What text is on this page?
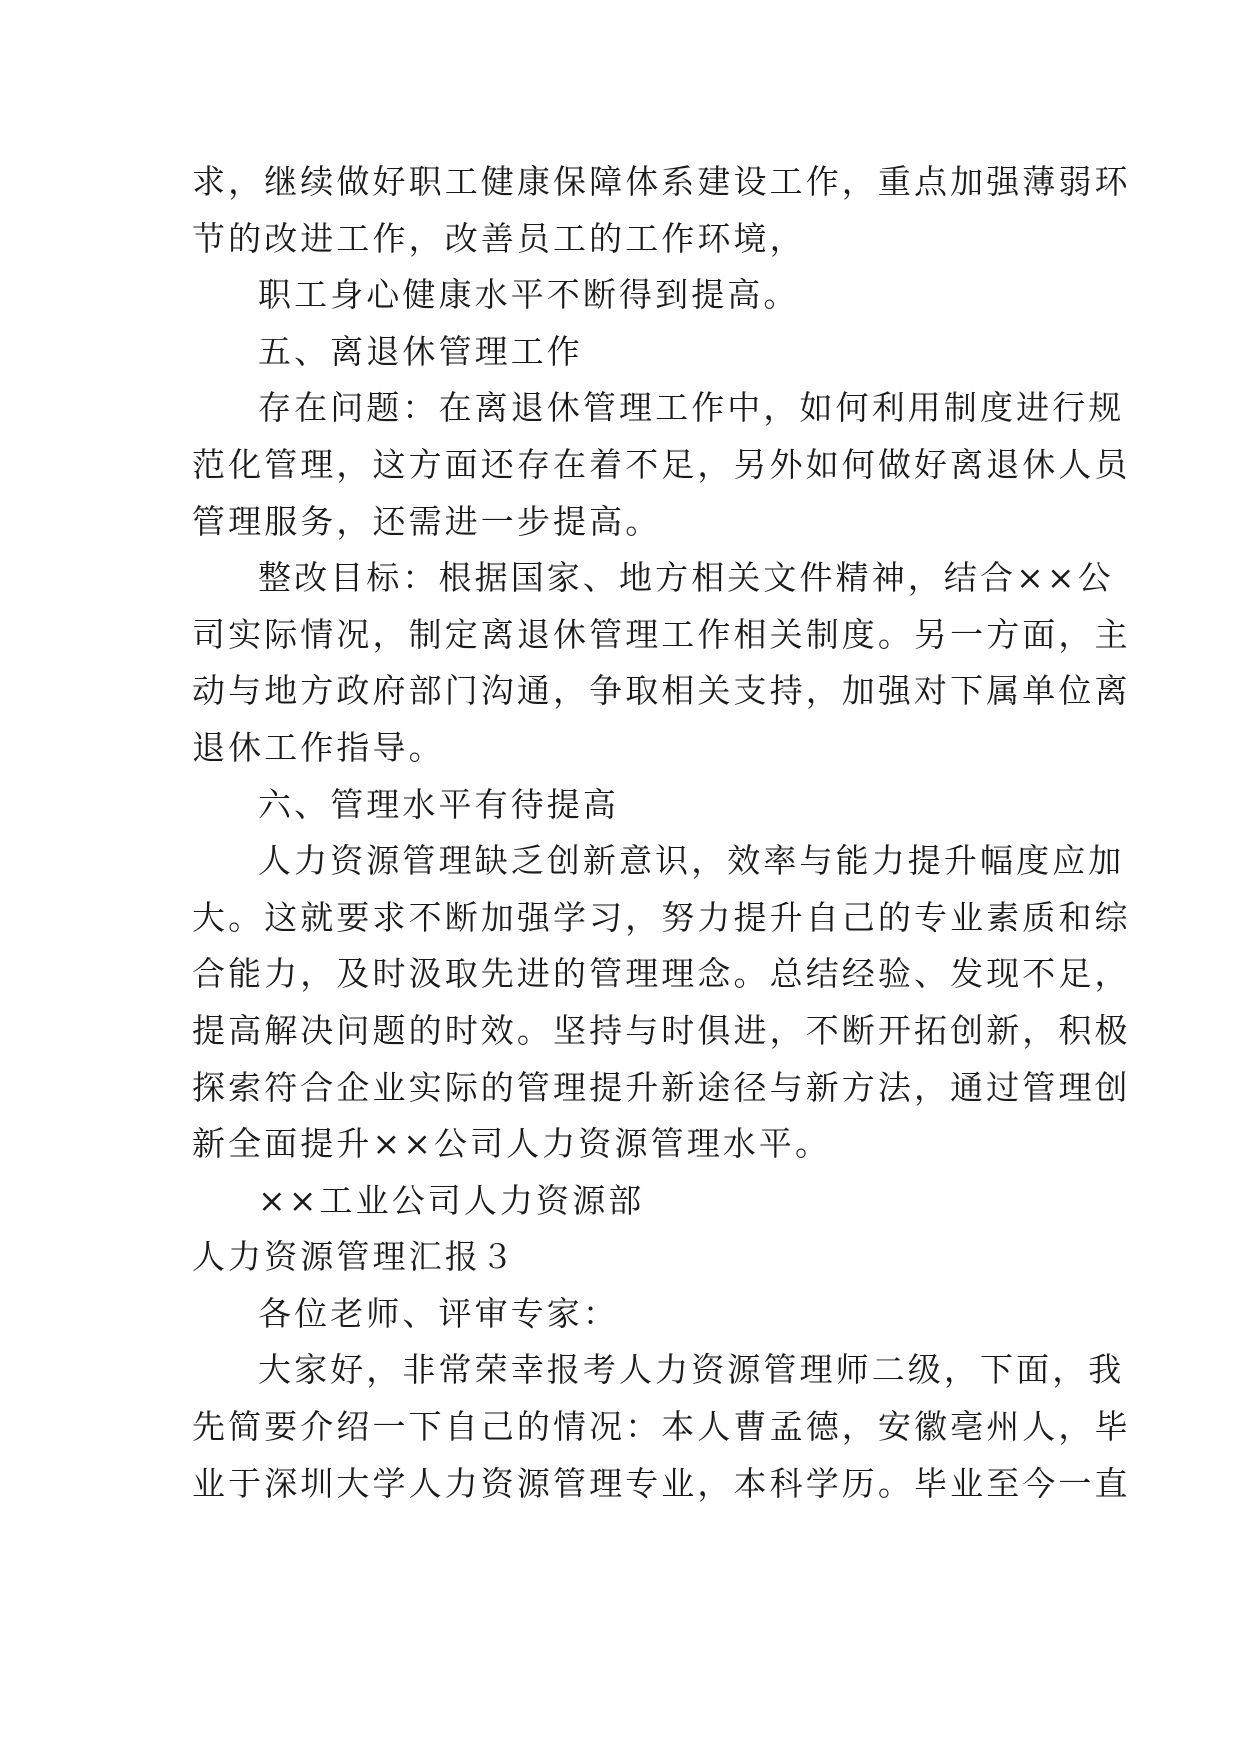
求，继续做好职工健康保障体系建设工作，重点加强薄弱环
节的改进工作，改善员工的工作环境，
职工身心健康水平不断得到提高。
五、离退休管理工作
存在问题：在离退休管理工作中，如何利用制度进行规
范化管理，这方面还存在着不足，另外如何做好离退休人员
管理服务，还需进一步提高。
整改目标：根据国家、地方相关文件精神，结合××公
司实际情况，制定离退休管理工作相关制度。另一方面，主
动与地方政府部门沟通，争取相关支持，加强对下属单位离
退休工作指导。
六、管理水平有待提高
人力资源管理缺乏创新意识，效率与能力提升幅度应加
大。这就要求不断加强学习，努力提升自己的专业素质和综
合能力，及时汲取先进的管理理念。总结经验、发现不足，
提高解决问题的时效。坚持与时俱进，不断开拓创新，积极
探索符合企业实际的管理提升新途径与新方法，通过管理创
新全面提升××公司人力资源管理水平。
××工业公司人力资源部
人力资源管理汇报３
各位老师、评审专家：
大家好，非常荣幸报考人力资源管理师二级，下面，我
先简要介绍一下自己的情况：本人曹孟德，安徽亳州人，毕
业于深圳大学人力资源管理专业，本科学历。毕业至今一直
